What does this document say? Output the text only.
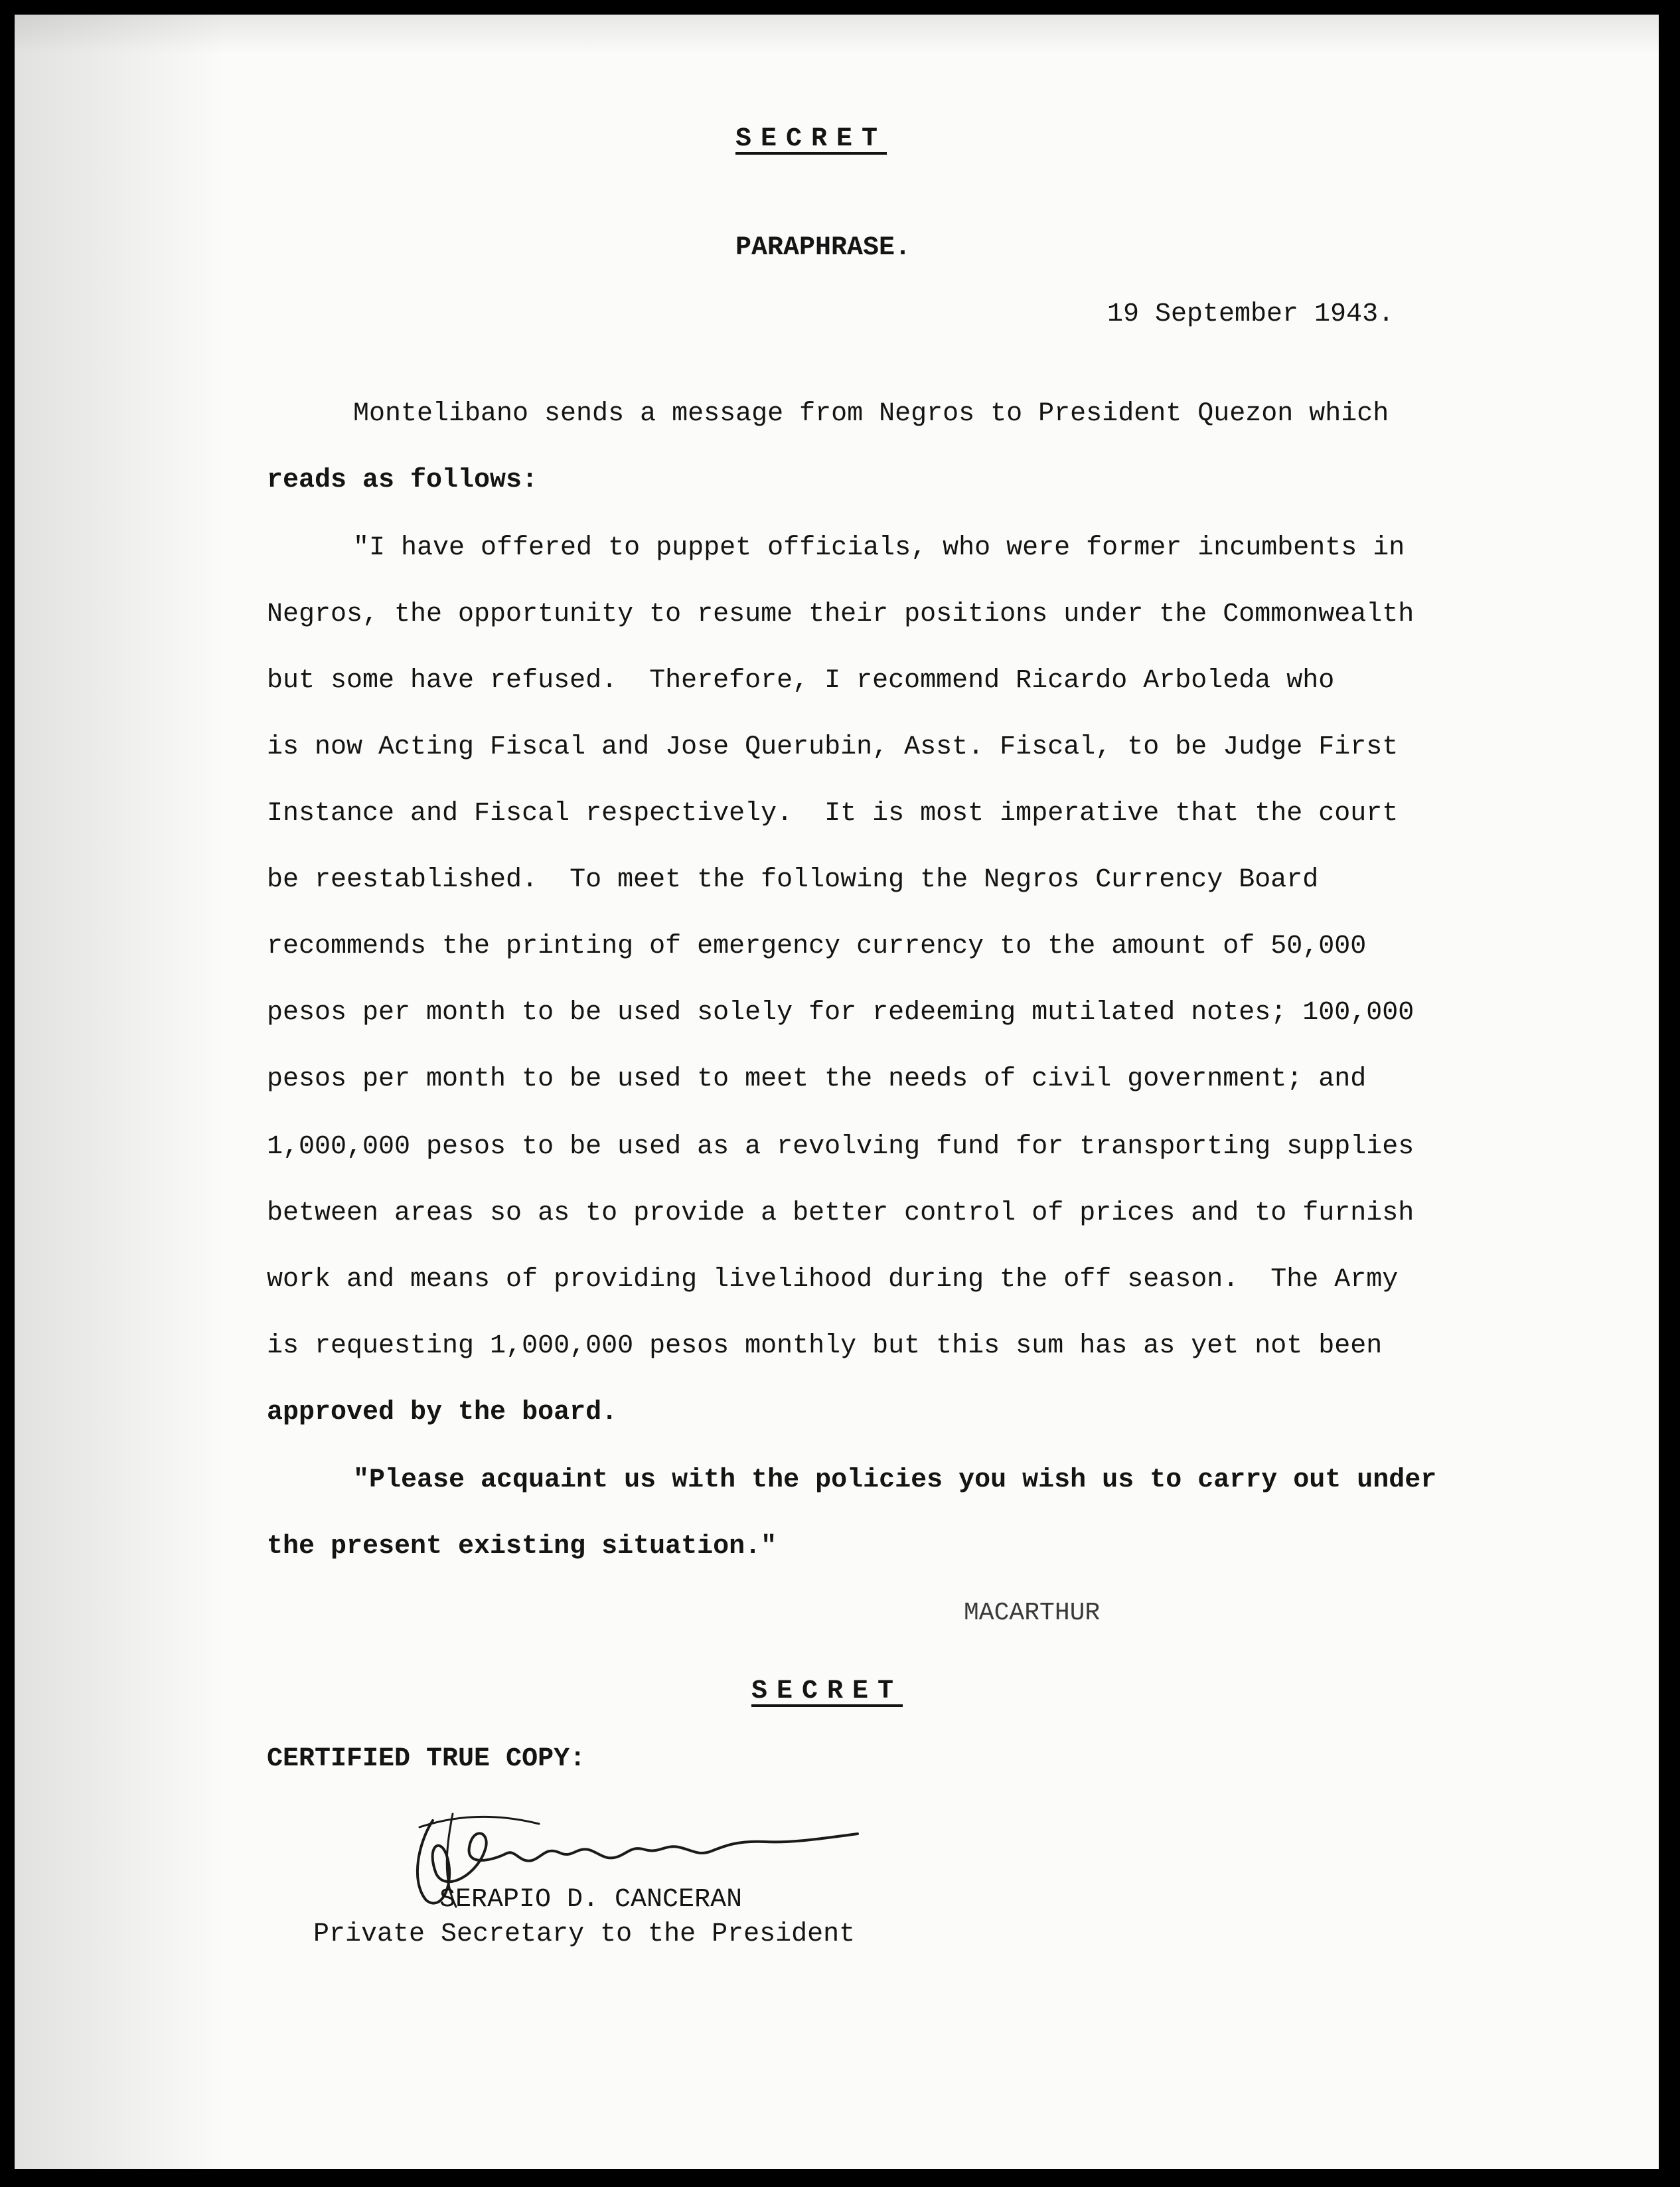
SECRET

PARAPHRASE.

19 September 1943.

Montelibano sends a message from Negros to President Quezon which

reads as follows:

"I have offered to puppet officials, who were former incumbents in

Negros, the opportunity to resume their positions under the Commonwealth

but some have refused.  Therefore, I recommend Ricardo Arboleda who

is now Acting Fiscal and Jose Querubin, Asst. Fiscal, to be Judge First

Instance and Fiscal respectively.  It is most imperative that the court

be reestablished.  To meet the following the Negros Currency Board

recommends the printing of emergency currency to the amount of 50,000

pesos per month to be used solely for redeeming mutilated notes; 100,000

pesos per month to be used to meet the needs of civil government; and

1,000,000 pesos to be used as a revolving fund for transporting supplies

between areas so as to provide a better control of prices and to furnish

work and means of providing livelihood during the off season.  The Army

is requesting 1,000,000 pesos monthly but this sum has as yet not been

approved by the board.

"Please acquaint us with the policies you wish us to carry out under

the present existing situation."

MACARTHUR

SECRET

CERTIFIED TRUE COPY:

SERAPIO D. CANCERAN

Private Secretary to the President
